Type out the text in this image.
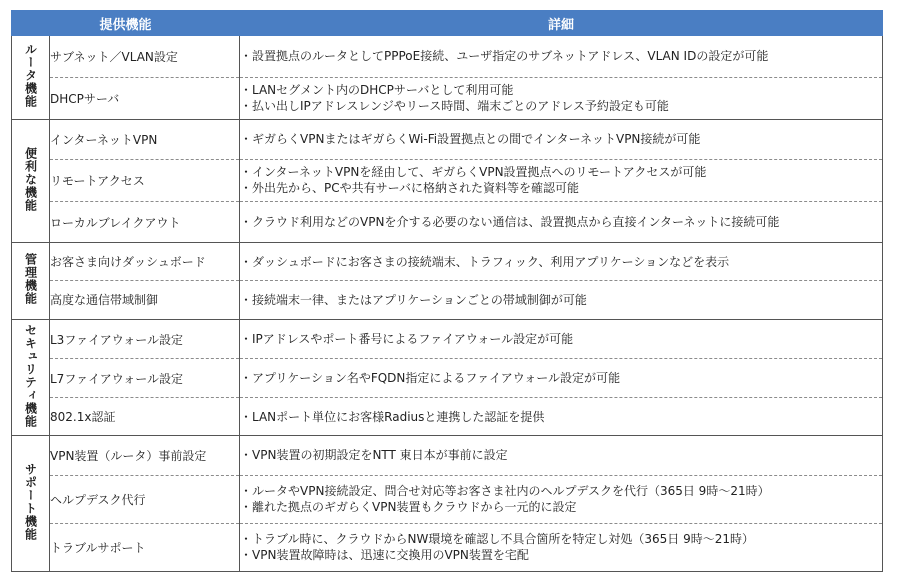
提供機能		詳細
ルータ機能	サブネット／VLAN設定	・設置拠点のルータとしてPPPoE接続、ユーザ指定のサブネットアドレス、VLAN IDの設定が可能

	DHCPサーバ	・LANセグメント内のDHCPサーバとして利用可能
・払い出しIPアドレスレンジやリース時間、端末ごとのアドレス予約設定も可能

便利な機能	インターネットVPN	・ギガらくVPNまたはギガらくWi-Fi設置拠点との間でインターネットVPN接続が可能

	リモートアクセス	・インターネットVPNを経由して、ギガらくVPN設置拠点へのリモートアクセスが可能
・外出先から、PCや共有サーバに格納された資料等を確認可能

	ローカルブレイクアウト	・クラウド利用などのVPNを介する必要のない通信は、設置拠点から直接インターネットに接続可能

管理機能	お客さま向けダッシュボード	・ダッシュボードにお客さまの接続端末、トラフィック、利用アプリケーションなどを表示

	高度な通信帯域制御	・接続端末一律、またはアプリケーションごとの帯域制御が可能

セキュリティ機能	L3ファイアウォール設定	・IPアドレスやポート番号によるファイアウォール設定が可能

	L7ファイアウォール設定	・アプリケーション名やFQDN指定によるファイアウォール設定が可能

	802.1x認証	・LANポート単位にお客様Radiusと連携した認証を提供

サポート機能	VPN装置（ルータ）事前設定	・VPN装置の初期設定をNTT 東日本が事前に設定

	ヘルプデスク代行	・ルータやVPN接続設定、問合せ対応等お客さま社内のヘルプデスクを代行（365日 9時～21時）
・離れた拠点のギガらくVPN装置もクラウドから一元的に設定

	トラブルサポート	・トラブル時に、クラウドからNW環境を確認し不具合箇所を特定し対処（365日 9時～21時）
・VPN装置故障時は、迅速に交換用のVPN装置を宅配
